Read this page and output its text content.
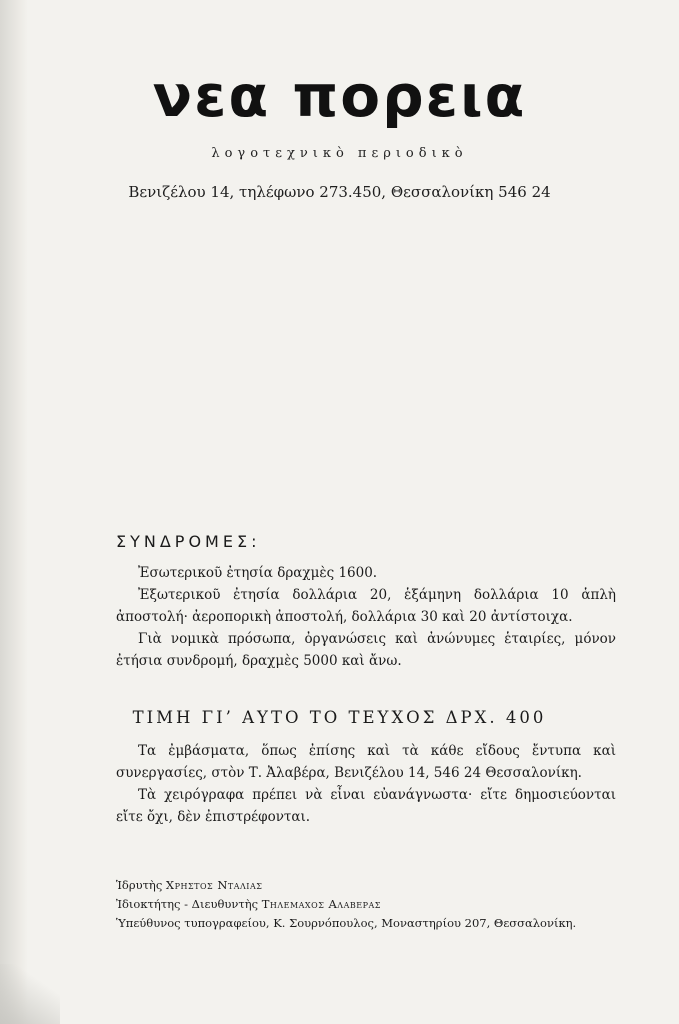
νεα πορεια
λογοτεχνικὸ περιοδικὸ
Βενιζέλου 14, τηλέφωνο 273.450, Θεσσαλονίκη 546 24
ΣΥΝΔΡΟΜΕΣ:

Ἐσωτερικοῦ ἐτησία δραχμὲς 1600.

Ἐξωτερικοῦ ἐτησία δολλάρια 20, ἑξάμηνη δολλάρια 10 ἁπλὴ ἀποστολή· ἀεροπορικὴ ἀποστολή, δολλάρια 30 καὶ 20 ἀντίστοιχα.

Γιὰ νομικὰ πρόσωπα, ὀργανώσεις καὶ ἀνώνυμες ἑταιρίες, μόνον ἐτήσια συνδρομή, δραχμὲς 5000 καὶ ἄνω.

ΤΙΜΗ ΓΙ’ ΑΥΤΟ ΤΟ ΤΕΥΧΟΣ ΔΡΧ. 400

Τα ἐμβάσματα, ὅπως ἐπίσης καὶ τὰ κάθε εἴδους ἔντυπα καὶ συνεργασίες, στὸν Τ. Ἀλαβέρα, Βενιζέλου 14, 546 24 Θεσσαλονίκη.

Τὰ χειρόγραφα πρέπει νὰ εἶναι εὐανάγνωστα· εἴτε δημοσιεύονται εἴτε ὄχι, δὲν ἐπιστρέφονται.

Ἱδρυτὴς Χρηστος Ντaλιας
Ἰδιοκτήτης - Διευθυντὴς Τηλεμαχος Αλαβερας
Ὑπεύθυνος τυπογραφείου, Κ. Σουρνόπουλος, Μοναστηρίου 207, Θεσσαλονίκη.
